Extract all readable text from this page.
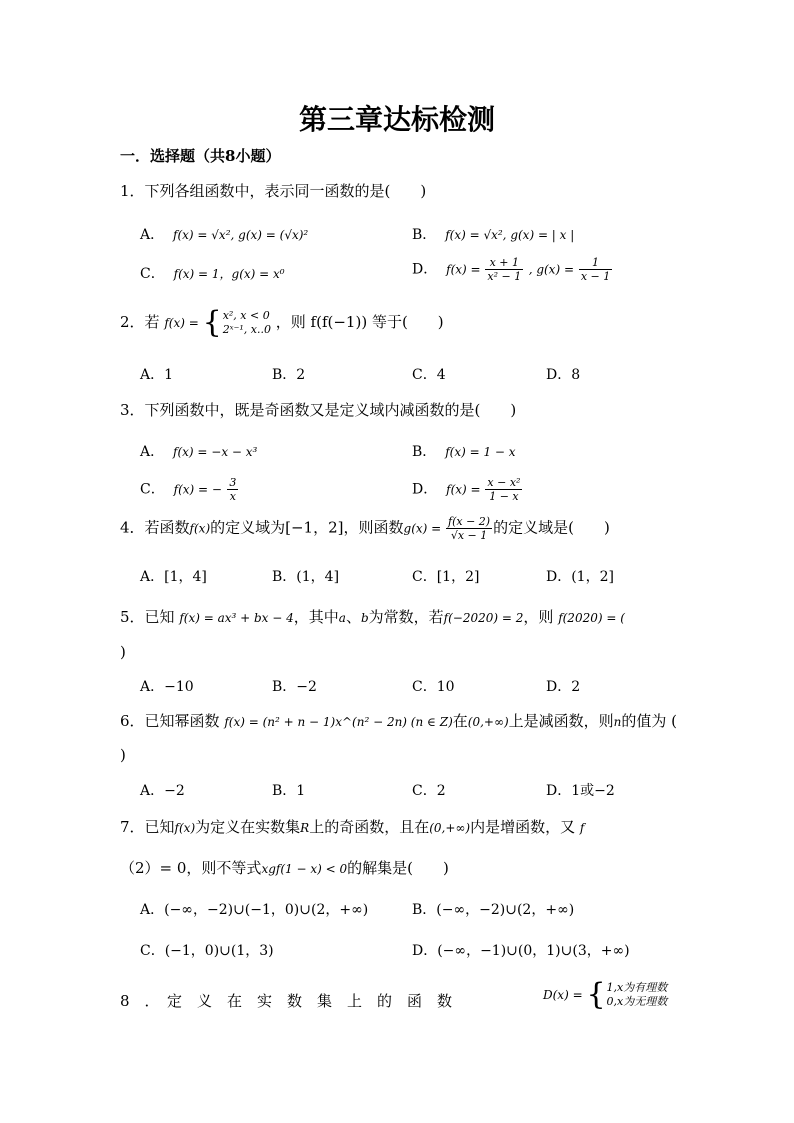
第三章达标检测
一．选择题（共8小题）
1．下列各组函数中，表示同一函数的是(　　)
A． f(x) = √x², g(x) = (√x)²	B． f(x) = √x², g(x) = | x |
C． f(x) = 1，g(x) = x⁰	D． $f(x) = \frac{x + 1}{\text{x² − 1}}$ , $g(x) = \frac{1}{x - 1}$
2．若 f(x) = { x², x < 0
2ˣ⁻¹, x..0 ，则 f(f(−1)) 等于(　　)
A．1	B．2	C．4	D．8
3．下列函数中，既是奇函数又是定义域内减函数的是(　　)
A． f(x) = −x − x³	B． f(x) = 1 − x
C． f(x) = − $\frac{3}{x}$	D． $f(x) = \frac{\text{x − x²}}{1 - x}$
4．若函数f(x)的定义域为[−1，2]，则函数$g(x) = \frac{f(x - 2)}{√x - 1}$ 的定义域是(　　)
A．[1，4]	B．(1，4]	C．[1，2]	D．(1，2]
5．已知 f(x) = ax³ + bx − 4，其中a、b为常数，若f(−2020) = 2，则 f(2020) = (
)
A．−10	B．−2	C．10	D．2
6．已知幂函数 f(x) = (n² + n − 1)x^(n² − 2n) (n ∈ Z)在(0,+∞)上是减函数，则n的值为 (
)
A．−2	B．1	C．2	D．1或−2
7．已知f(x)为定义在实数集R上的奇函数，且在(0,+∞)内是增函数，又 f
（2）= 0，则不等式xgf(1 − x) < 0的解集是(　　)
A．(−∞，−2)∪(−1，0)∪(2，+∞)	B．(−∞，−2)∪(2，+∞)
C．(−1，0)∪(1，3)	D．(−∞，−1)∪(0，1)∪(3，+∞)
8　．　定　义　在　实　数　集　上　的　函　数	D(x) = { 1,x为有理数
0,x为无理数
